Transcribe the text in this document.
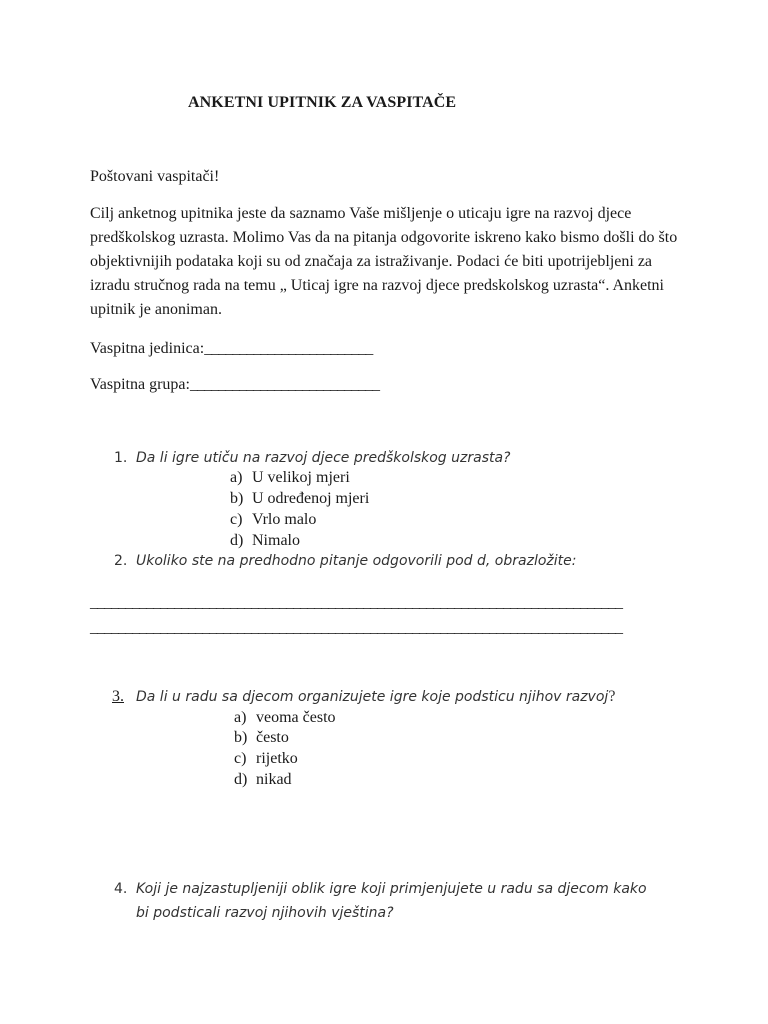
ANKETNI UPITNIK ZA VASPITAČE
Poštovani vaspitači!
Cilj anketnog upitnika jeste da saznamo Vaše mišljenje o uticaju igre na razvoj djece predškolskog uzrasta. Molimo Vas da na pitanja odgovorite iskreno kako bismo došli do što objektivnijih podataka koji su od značaja za istraživanje. Podaci će biti upotrijebljeni za izradu stručnog rada na temu „ Uticaj igre na razvoj djece predskolskog uzrasta“. Anketni upitnik je anoniman.
Vaspitna jedinica:________________________
Vaspitna grupa:___________________________
1. Da li igre utiču na razvoj djece predškolskog uzrasta?
a) U velikoj mjeri
b) U određenoj mjeri
c) Vrlo malo
d) Nimalo
2. Ukoliko ste na predhodno pitanje odgovorili pod d, obrazložite:
____________________________________________________________________________
____________________________________________________________________________
3. Da li u radu sa djecom organizujete igre koje podsticu njihov razvoj?
a) veoma često
b) često
c) rijetko
d) nikad
4. Koji je najzastupljeniji oblik igre koji primjenjujete u radu sa djecom kako
bi podsticali razvoj njihovih vještina?
